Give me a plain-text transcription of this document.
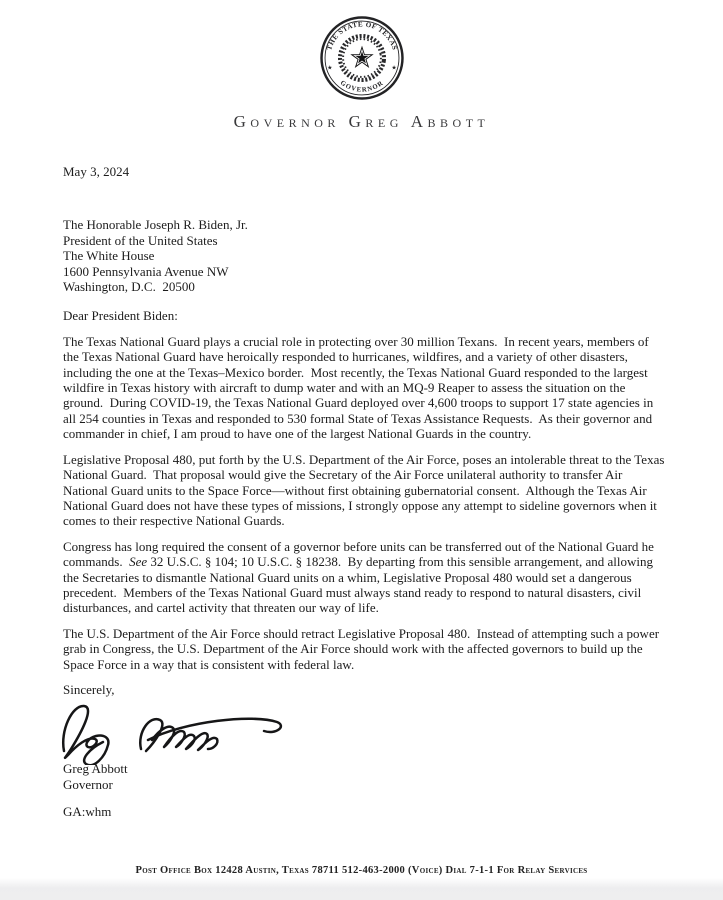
THE STATE OF TEXAS
GOVERNOR
★	★
Governor Greg Abbott
May 3, 2024
The Honorable Joseph R. Biden, Jr.
President of the United States
The White House
1600 Pennsylvania Avenue NW
Washington, D.C.  20500
Dear President Biden:

The Texas National Guard plays a crucial role in protecting over 30 million Texans.  In recent years, members of the Texas National Guard have heroically responded to hurricanes, wildfires, and a variety of other disasters, including the one at the Texas–Mexico border.  Most recently, the Texas National Guard responded to the largest wildfire in Texas history with aircraft to dump water and with an MQ-9 Reaper to assess the situation on the ground.  During COVID-19, the Texas National Guard deployed over 4,600 troops to support 17 state agencies in all 254 counties in Texas and responded to 530 formal State of Texas Assistance Requests.  As their governor and commander in chief, I am proud to have one of the largest National Guards in the country.

Legislative Proposal 480, put forth by the U.S. Department of the Air Force, poses an intolerable threat to the Texas National Guard.  That proposal would give the Secretary of the Air Force unilateral authority to transfer Air National Guard units to the Space Force—without first obtaining gubernatorial consent.  Although the Texas Air National Guard does not have these types of missions, I strongly oppose any attempt to sideline governors when it comes to their respective National Guards.

Congress has long required the consent of a governor before units can be transferred out of the National Guard he commands.  See 32 U.S.C. § 104; 10 U.S.C. § 18238.  By departing from this sensible arrangement, and allowing the Secretaries to dismantle National Guard units on a whim, Legislative Proposal 480 would set a dangerous precedent.  Members of the Texas National Guard must always stand ready to respond to natural disasters, civil disturbances, and cartel activity that threaten our way of life.

The U.S. Department of the Air Force should retract Legislative Proposal 480.  Instead of attempting such a power grab in Congress, the U.S. Department of the Air Force should work with the affected governors to build up the Space Force in a way that is consistent with federal law.

Sincerely,
Greg Abbott
Governor
GA:whm
Post Office Box 12428 Austin, Texas 78711 512-463-2000 (Voice) Dial 7-1-1 For Relay Services
